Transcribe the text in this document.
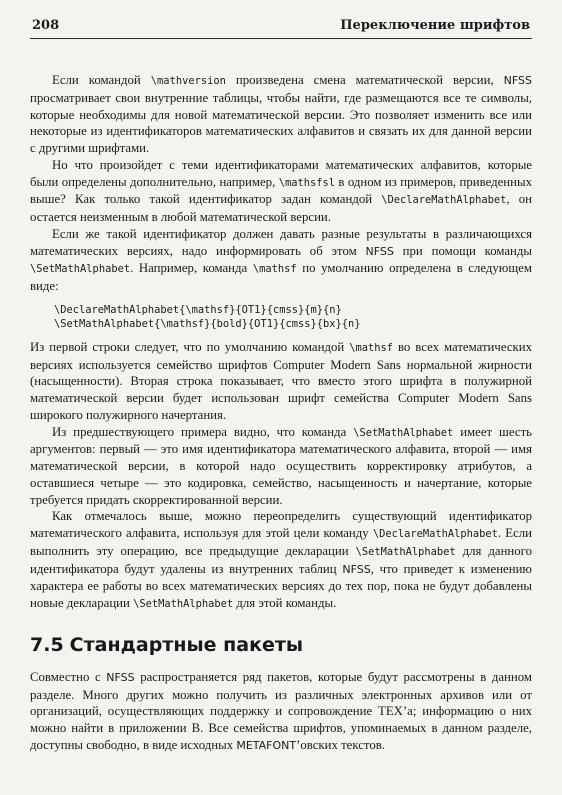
208	Переключение шрифтов

Если командой \mathversion произведена смена математической версии, NFSS просматривает свои внутренние таблицы, чтобы найти, где размещаются все те символы, которые необходимы для новой математической версии. Это позволяет изменить все или некоторые из идентификаторов математических алфавитов и связать их для данной версии с другими шрифтами.

Но что произойдет с теми идентификаторами математических алфавитов, которые были определены дополнительно, например, \mathsfsl в одном из примеров, приведенных выше? Как только такой идентификатор задан командой \DeclareMathAlphabet, он остается неизменным в любой математической версии.

Если же такой идентификатор должен давать разные результаты в различающихся математических версиях, надо информировать об этом NFSS при помощи команды \SetMathAlphabet. Например, команда \mathsf по умолчанию определена в следующем виде:

\DeclareMathAlphabet{\mathsf}{OT1}{cmss}{m}{n}
\SetMathAlphabet{\mathsf}{bold}{OT1}{cmss}{bx}{n}

Из первой строки следует, что по умолчанию командой \mathsf во всех математических версиях используется семейство шрифтов Computer Modern Sans нормальной жирности (насыщенности). Вторая строка показывает, что вместо этого шрифта в полужирной математической версии будет использован шрифт семейства Computer Modern Sans широкого полужирного начертания.

Из предшествующего примера видно, что команда \SetMathAlphabet имеет шесть аргументов: первый — это имя идентификатора математического алфавита, второй — имя математической версии, в которой надо осуществить корректировку атрибутов, а оставшиеся четыре — это кодировка, семейство, насыщенность и начертание, которые требуется придать скорректированной версии.

Как отмечалось выше, можно переопределить существующий идентификатор математического алфавита, используя для этой цели команду \DeclareMathAlphabet. Если выполнить эту операцию, все предыдущие декларации \SetMathAlphabet для данного идентификатора будут удалены из внутренних таблиц NFSS, что приведет к изменению характера ее работы во всех математических версиях до тех пор, пока не будут добавлены новые декларации \SetMathAlphabet для этой команды.

7.5 Стандартные пакеты

Совместно с NFSS распространяется ряд пакетов, которые будут рассмотрены в данном разделе. Много других можно получить из различных электронных архивов или от организаций, осуществляющих поддержку и сопровождение TEX’а; информацию о них можно найти в приложении В. Все семейства шрифтов, упоминаемых в данном разделе, доступны свободно, в виде исходных METAFONT’овских текстов.
